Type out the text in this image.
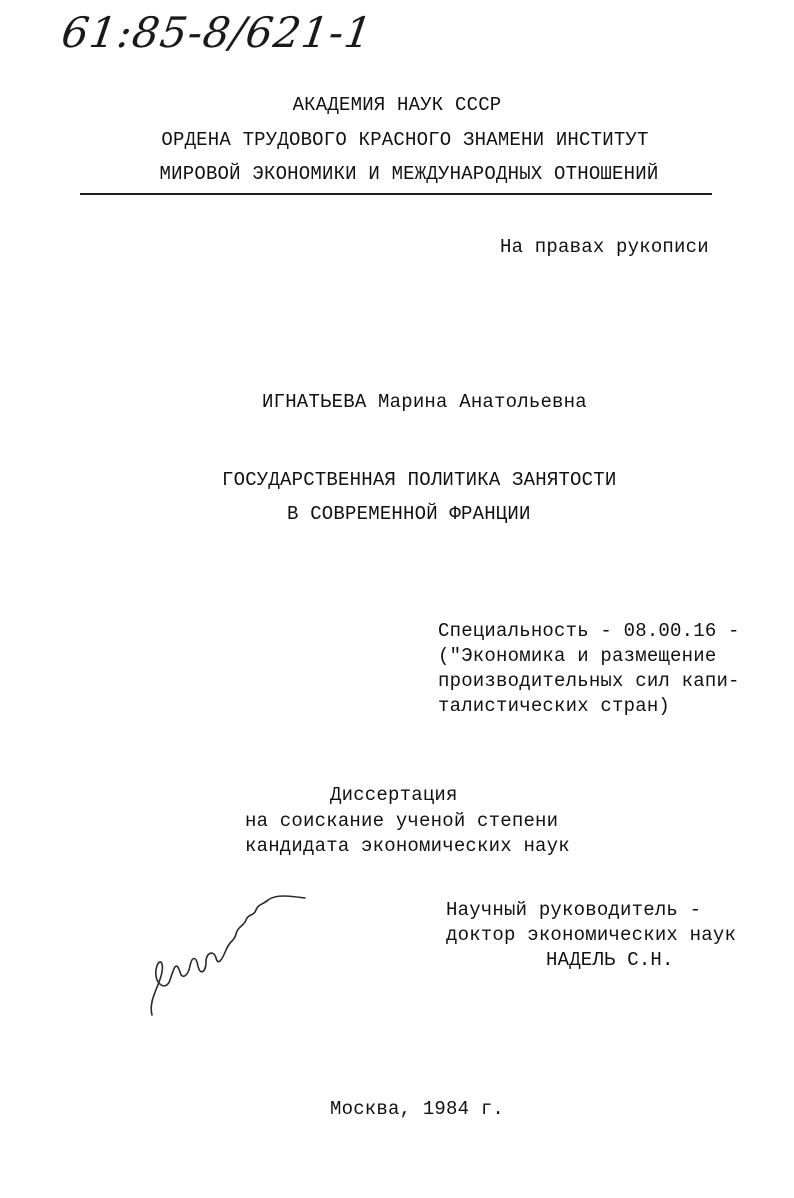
61:85-8/621-1
АКАДЕМИЯ НАУК СССР
ОРДЕНА ТРУДОВОГО КРАСНОГО ЗНАМЕНИ ИНСТИТУТ
МИРОВОЙ ЭКОНОМИКИ И МЕЖДУНАРОДНЫХ ОТНОШЕНИЙ
На правах рукописи
ИГНАТЬЕВА Марина Анатольевна
ГОСУДАРСТВЕННАЯ ПОЛИТИКА ЗАНЯТОСТИ
В СОВРЕМЕННОЙ ФРАНЦИИ
Специальность - 08.00.16 -
("Экономика и размещение
производительных сил капи-
талистических стран)
Диссертация
на соискание ученой степени
кандидата экономических наук
Научный руководитель -
доктор экономических наук
НАДЕЛЬ С.Н.
Москва, 1984 г.
